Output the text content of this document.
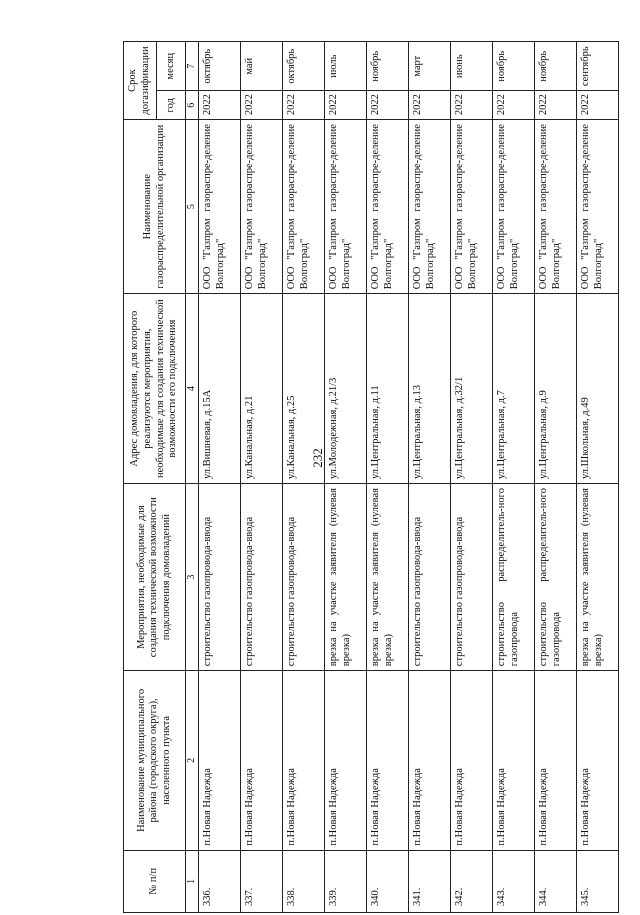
232
№ п/п	Наименование муниципального района (городского округа), населенного пункта	Мероприятия, необходимые для создания технической возможности подключения домовладений	Адрес домовладения, для которого реализуются мероприятия, необходимые для создания технической возможности его подключения	Наименование газораспределительной организации	Срок догазификации	
					год	месяц
1	2	3	4	5	6	7
336.	п.Новая Надежда	строительство газопровода-ввода	ул.Вишневая, д.15А	ООО "Газпром газораспре-деление Волгоград"	2022	октябрь
337.	п.Новая Надежда	строительство газопровода-ввода	ул.Канальная, д.21	ООО "Газпром газораспре-деление Волгоград"	2022	май
338.	п.Новая Надежда	строительство газопровода-ввода	ул.Канальная, д.25	ООО "Газпром газораспре-деление Волгоград"	2022	октябрь
339.	п.Новая Надежда	врезка на участке заявителя (нулевая врезка)	ул.Молодежная, д.21/3	ООО "Газпром газораспре-деление Волгоград"	2022	июль
340.	п.Новая Надежда	врезка на участке заявителя (нулевая врезка)	ул.Центральная, д.11	ООО "Газпром газораспре-деление Волгоград"	2022	ноябрь
341.	п.Новая Надежда	строительство газопровода-ввода	ул.Центральная, д.13	ООО "Газпром газораспре-деление Волгоград"	2022	март
342.	п.Новая Надежда	строительство газопровода-ввода	ул.Центральная, д.32/1	ООО "Газпром газораспре-деление Волгоград"	2022	июнь
343.	п.Новая Надежда	строительство распределитель-ного газопровода	ул.Центральная, д.7	ООО "Газпром газораспре-деление Волгоград"	2022	ноябрь
344.	п.Новая Надежда	строительство распределитель-ного газопровода	ул.Центральная, д.9	ООО "Газпром газораспре-деление Волгоград"	2022	ноябрь
345.	п.Новая Надежда	врезка на участке заявителя (нулевая врезка)	ул.Школьная, д.49	ООО "Газпром газораспре-деление Волгоград"	2022	сентябрь
